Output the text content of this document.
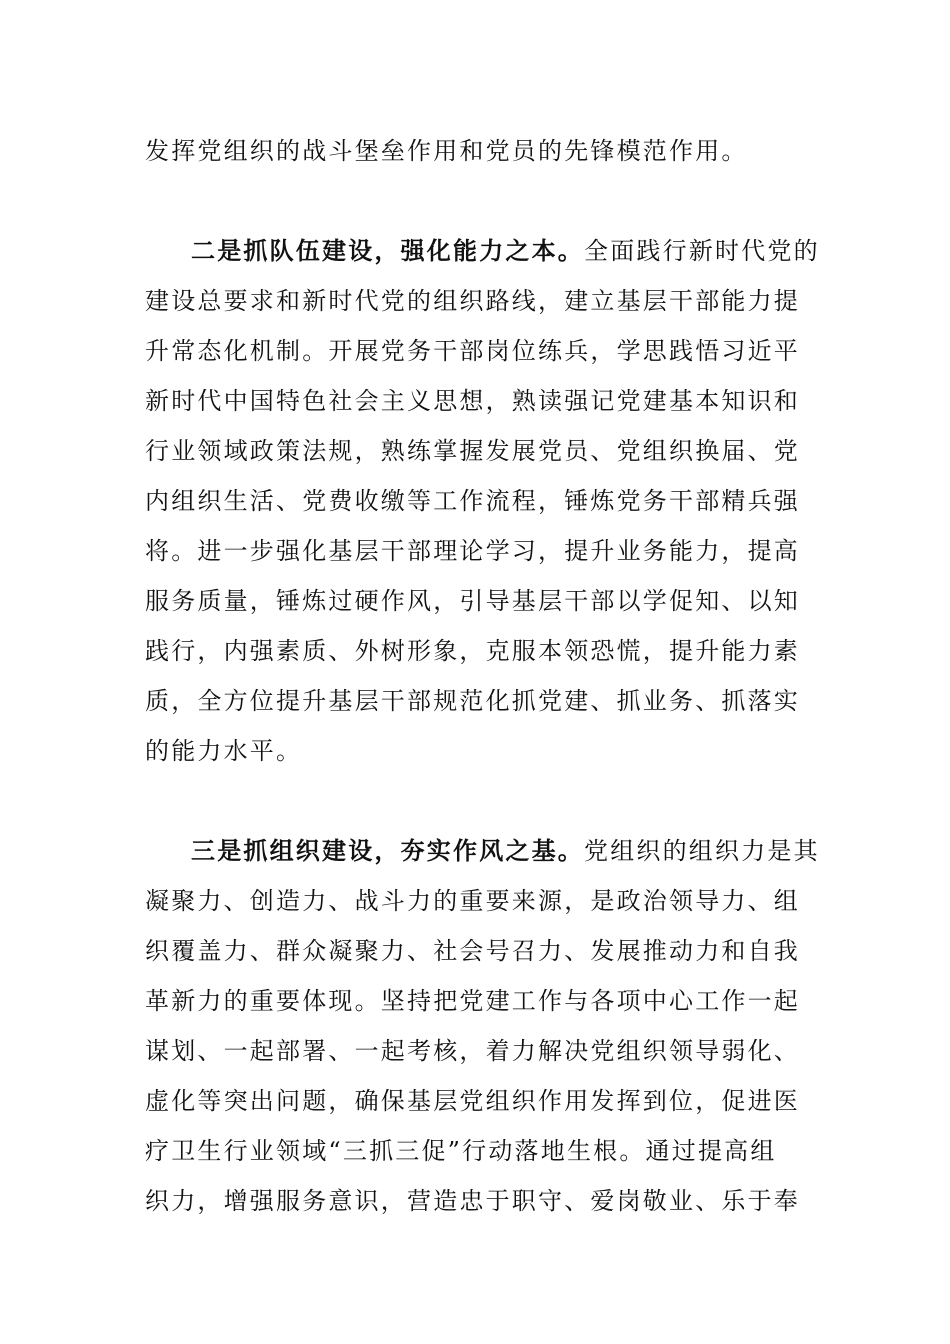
发挥党组织的战斗堡垒作用和党员的先锋模范作用。
二是抓队伍建设，强化能力之本。全面践行新时代党的
建设总要求和新时代党的组织路线，建立基层干部能力提
升常态化机制。开展党务干部岗位练兵，学思践悟习近平
新时代中国特色社会主义思想，熟读强记党建基本知识和
行业领域政策法规，熟练掌握发展党员、党组织换届、党
内组织生活、党费收缴等工作流程，锤炼党务干部精兵强
将。进一步强化基层干部理论学习，提升业务能力，提高
服务质量，锤炼过硬作风，引导基层干部以学促知、以知
践行，内强素质、外树形象，克服本领恐慌，提升能力素
质，全方位提升基层干部规范化抓党建、抓业务、抓落实
的能力水平。
三是抓组织建设，夯实作风之基。党组织的组织力是其
凝聚力、创造力、战斗力的重要来源，是政治领导力、组
织覆盖力、群众凝聚力、社会号召力、发展推动力和自我
革新力的重要体现。坚持把党建工作与各项中心工作一起
谋划、一起部署、一起考核，着力解决党组织领导弱化、
虚化等突出问题，确保基层党组织作用发挥到位，促进医
疗卫生行业领域“三抓三促”行动落地生根。通过提高组
织力，增强服务意识，营造忠于职守、爱岗敬业、乐于奉
